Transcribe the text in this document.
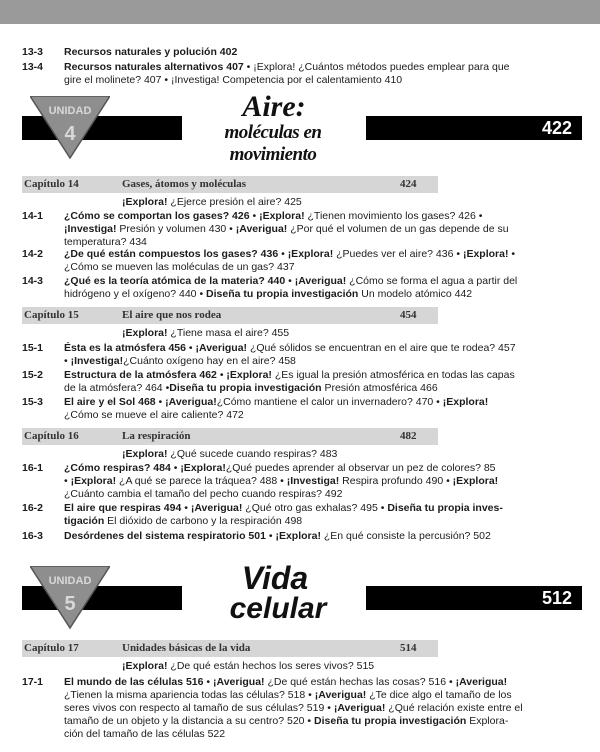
13-3 Recursos naturales y polución 402
13-4 Recursos naturales alternativos 407 • ¡Explora! ¿Cuántos métodos puedes emplear para que
gire el molinete? 407 • ¡Investiga! Competencia por el calentamiento 410
UNIDAD
4
Aire:
moléculas en movimiento
422
Capítulo 14	Gases, átomos y moléculas	424
¡Explora! ¿Ejerce presión el aire? 425
14-1 ¿Cómo se comportan los gases? 426 • ¡Explora! ¿Tienen movimiento los gases? 426 •
¡Investiga! Presión y volumen 430 • ¡Averigua! ¿Por qué el volumen de un gas depende de su
temperatura? 434
14-2 ¿De qué están compuestos los gases? 436 • ¡Explora! ¿Puedes ver el aire? 436 • ¡Explora! •
¿Cómo se mueven las moléculas de un gas? 437
14-3 ¿Qué es la teoría atómica de la materia? 440 • ¡Averigua! ¿Cómo se forma el agua a partir del
hidrógeno y el oxígeno? 440 • Diseña tu propia investigación Un modelo atómico 442
Capítulo 15	El aire que nos rodea	454
¡Explora! ¿Tiene masa el aire? 455
15-1 Ésta es la atmósfera 456 • ¡Averigua! ¿Qué sólidos se encuentran en el aire que te rodea? 457
• ¡Investiga!¿Cuánto oxígeno hay en el aire? 458
15-2 Estructura de la atmósfera 462 • ¡Explora! ¿Es igual la presión atmosférica en todas las capas
de la atmósfera? 464 •Diseña tu propia investigación Presión atmosférica 466
15-3 El aire y el Sol 468 • ¡Averigua!¿Cómo mantiene el calor un invernadero? 470 • ¡Explora!
¿Cómo se mueve el aire caliente? 472
Capítulo 16	La respiración	482
¡Explora! ¿Qué sucede cuando respiras? 483
16-1 ¿Cómo respiras? 484 • ¡Explora!¿Qué puedes aprender al observar un pez de colores? 85
• ¡Explora! ¿A qué se parece la tráquea? 488 • ¡Investiga! Respira profundo 490 • ¡Explora!
¿Cuánto cambia el tamaño del pecho cuando respiras? 492
16-2 El aire que respiras 494 • ¡Averigua! ¿Qué otro gas exhalas? 495 • Diseña tu propia inves-
tigación El dióxido de carbono y la respiración 498
16-3 Desórdenes del sistema respiratorio 501 • ¡Explora! ¿En qué consiste la percusión? 502
UNIDAD
5
Vida
celular	512
Capítulo 17	Unidades básicas de la vida	514
¡Explora! ¿De qué están hechos los seres vivos? 515
17-1 El mundo de las células 516 • ¡Averigua! ¿De qué están hechas las cosas? 516 • ¡Averigua!
¿Tienen la misma apariencia todas las células? 518 • ¡Averigua! ¿Te dice algo el tamaño de los
seres vivos con respecto al tamaño de sus células? 519 • ¡Averigua! ¿Qué relación existe entre el
tamaño de un objeto y la distancia a su centro? 520 • Diseña tu propia investigación Explora-
ción del tamaño de las células 522
